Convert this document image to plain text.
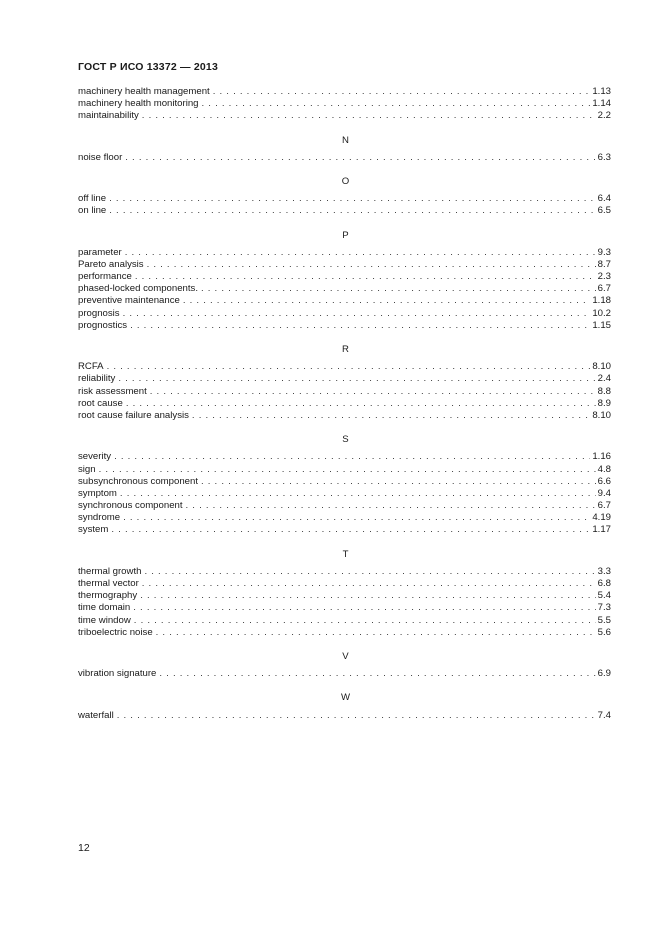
ГОСТ Р ИСО 13372 — 2013
machinery health management . . .	1.13
machinery health monitoring . . .	1.14
maintainability . . .	2.2
N
noise floor . . .	6.3
O
off line . . .	6.4
on line . . .	6.5
P
parameter . . .	9.3
Pareto analysis . . .	8.7
performance . . .	2.3
phased-locked components. . . .	6.7
preventive maintenance . . .	1.18
prognosis . . .	10.2
prognostics . . .	1.15
R
RCFA . . .	8.10
reliability . . .	2.4
risk assessment . . .	8.8
root cause . . .	8.9
root cause failure analysis . . .	8.10
S
severity . . .	1.16
sign . . .	4.8
subsynchronous component . . .	6.6
symptom . . .	9.4
synchronous component . . .	6.7
syndrome . . .	4.19
system . . .	1.17
T
thermal growth . . .	3.3
thermal vector . . .	6.8
thermography . . .	5.4
time domain . . .	7.3
time window . . .	5.5
triboelectric noise . . .	5.6
V
vibration signature . . .	6.9
W
waterfall . . .	7.4
12
